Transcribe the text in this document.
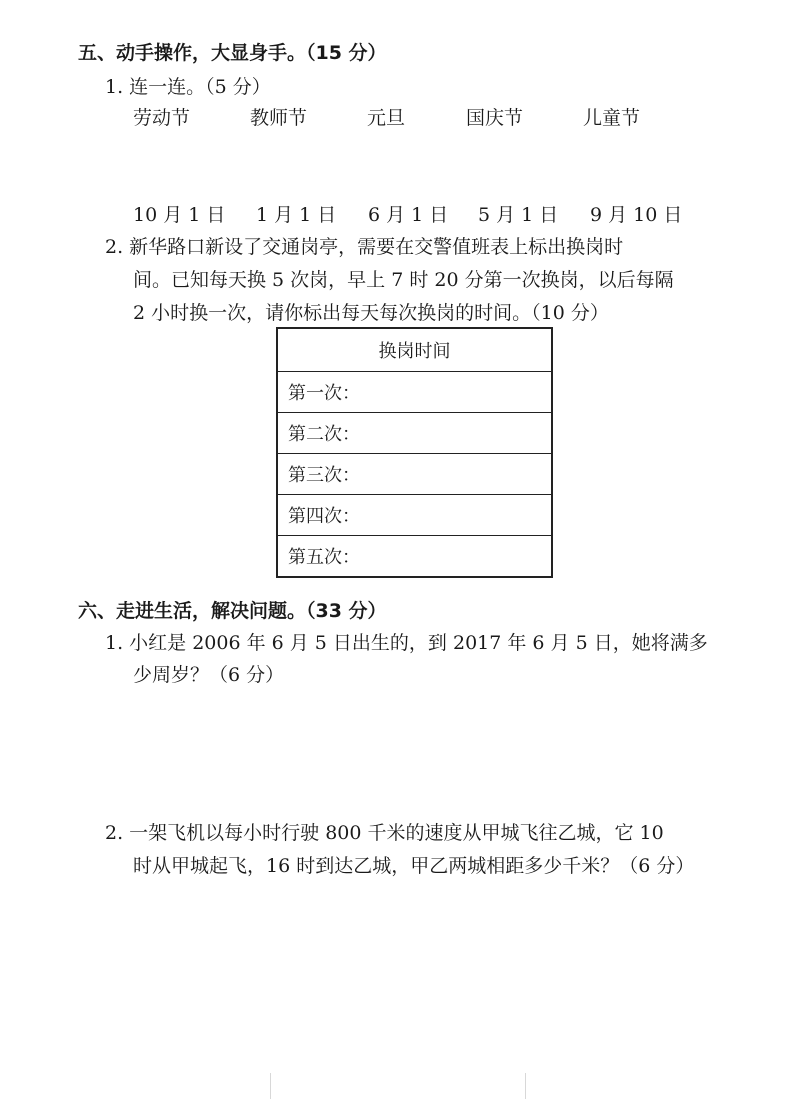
五、动手操作，大显身手。（15 分）
1. 连一连。（5 分）
劳动节	教师节	元旦	国庆节	儿童节
10 月 1 日 1 月 1 日 6 月 1 日 5 月 1 日 9 月 10 日
2. 新华路口新设了交通岗亭，需要在交警值班表上标出换岗时
间。已知每天换 5 次岗，早上 7 时 20 分第一次换岗，以后每隔
2 小时换一次，请你标出每天每次换岗的时间。（10 分）
换岗时间
第一次：
第二次：
第三次：
第四次：
第五次：
六、走进生活，解决问题。（33 分）
1. 小红是 2006 年 6 月 5 日出生的，到 2017 年 6 月 5 日，她将满多
少周岁？（6 分）
2. 一架飞机以每小时行驶 800 千米的速度从甲城飞往乙城，它 10
时从甲城起飞，16 时到达乙城，甲乙两城相距多少千米？（6 分）
